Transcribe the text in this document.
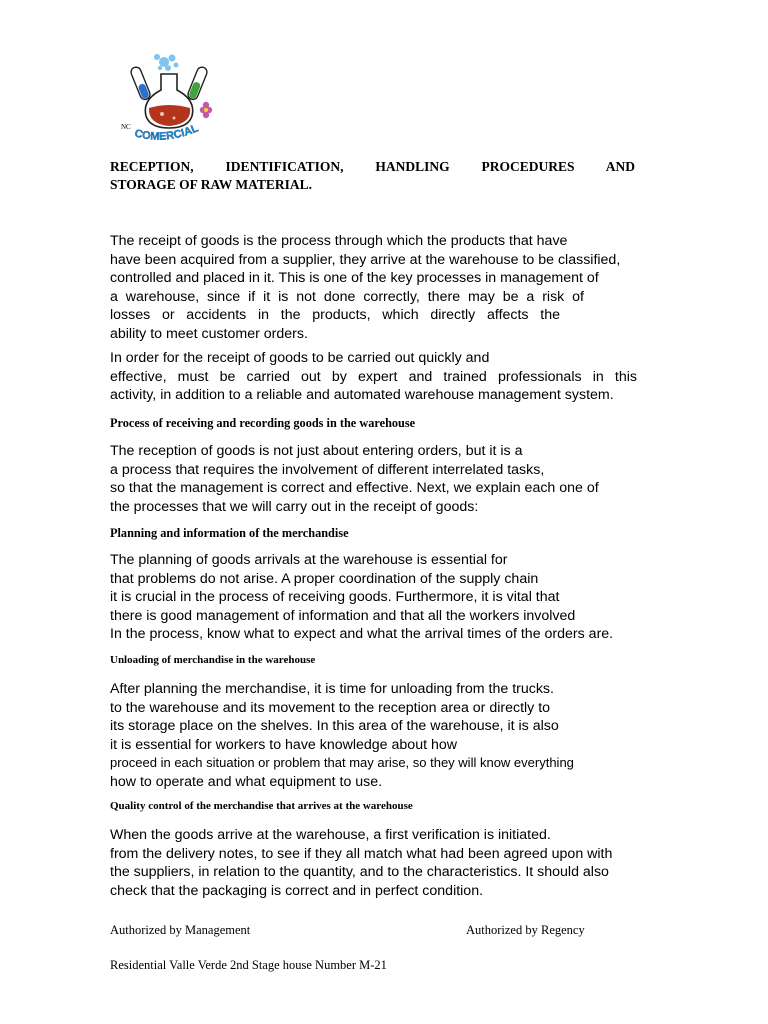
COMERCIAL
NC
RECEPTION, IDENTIFICATION, HANDLING PROCEDURES AND
STORAGE OF RAW MATERIAL.
The receipt of goods is the process through which the products that have
have been acquired from a supplier, they arrive at the warehouse to be classified,
controlled and placed in it. This is one of the key processes in management of
a warehouse, since if it is not done correctly, there may be a risk of
losses or accidents in the products, which directly affects the
ability to meet customer orders.
In order for the receipt of goods to be carried out quickly and
effective, must be carried out by expert and trained professionals in this
activity, in addition to a reliable and automated warehouse management system.
Process of receiving and recording goods in the warehouse
The reception of goods is not just about entering orders, but it is a
a process that requires the involvement of different interrelated tasks,
so that the management is correct and effective. Next, we explain each one of
the processes that we will carry out in the receipt of goods:
Planning and information of the merchandise
The planning of goods arrivals at the warehouse is essential for
that problems do not arise. A proper coordination of the supply chain
it is crucial in the process of receiving goods. Furthermore, it is vital that
there is good management of information and that all the workers involved
In the process, know what to expect and what the arrival times of the orders are.
Unloading of merchandise in the warehouse
After planning the merchandise, it is time for unloading from the trucks.
to the warehouse and its movement to the reception area or directly to
its storage place on the shelves. In this area of the warehouse, it is also
it is essential for workers to have knowledge about how
proceed in each situation or problem that may arise, so they will know everything
how to operate and what equipment to use.
Quality control of the merchandise that arrives at the warehouse
When the goods arrive at the warehouse, a first verification is initiated.
from the delivery notes, to see if they all match what had been agreed upon with
the suppliers, in relation to the quantity, and to the characteristics. It should also
check that the packaging is correct and in perfect condition.
Authorized by Management	Authorized by Regency
Residential Valle Verde 2nd Stage house Number M-21
